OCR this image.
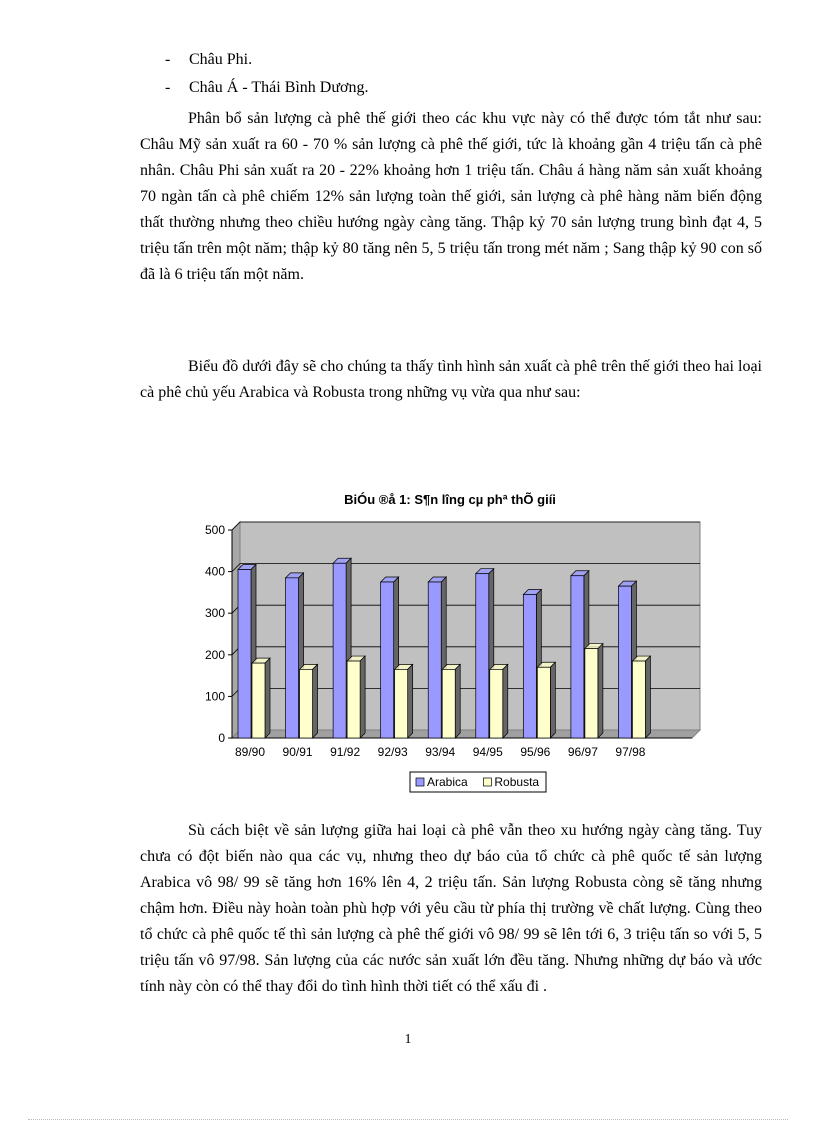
- Châu Phi.
- Châu Á - Thái Bình Dương.
Phân bổ sản lượng cà phê thế giới theo các khu vực này có thể được tóm tắt như sau: Châu Mỹ sản xuất ra 60 - 70 % sản lượng cà phê thế giới, tức là khoảng gần 4 triệu tấn cà phê nhân. Châu Phi sản xuất ra 20 - 22% khoảng hơn 1 triệu tấn. Châu á hàng năm sản xuất khoảng 70 ngàn tấn cà phê chiếm 12% sản lượng toàn thế giới, sản lượng cà phê hàng năm biến động thất thường nhưng theo chiều hướng ngày càng tăng. Thập kỷ 70 sản lượng trung bình đạt 4, 5 triệu tấn trên một năm; thập kỷ 80 tăng nên 5, 5 triệu tấn trong mét năm ; Sang thập kỷ 90 con số đã là 6 triệu tấn một năm.
Biểu đồ dưới đây sẽ cho chúng ta thấy tình hình sản xuất cà phê trên thế giới theo hai loại cà phê chủ yếu Arabica và Robusta trong những vụ vừa qua như sau:
BiÓu ®å 1: S¶n lîng cµ phª thÕ giíi
0
100
200
300
400
500
89/90 90/91 91/92 92/93 93/94 94/95 95/96 96/97 97/98
Arabica Robusta
Sù cách biệt về sản lượng giữa hai loại cà phê vẫn theo xu hướng ngày càng tăng. Tuy chưa có đột biến nào qua các vụ, nhưng theo dự báo của tổ chức cà phê quốc tế sản lượng Arabica vô 98/ 99 sẽ tăng hơn 16% lên 4, 2 triệu tấn. Sản lượng Robusta còng sẽ tăng nhưng chậm hơn. Điều này hoàn toàn phù hợp với yêu cầu từ phía thị trường về chất lượng. Cùng theo tổ chức cà phê quốc tế thì sản lượng cà phê thế giới vô 98/ 99 sẽ lên tới 6, 3 triệu tấn so với 5, 5 triệu tấn vô 97/98. Sản lượng của các nước sản xuất lớn đều tăng. Nhưng những dự báo và ước tính này còn có thể thay đổi do tình hình thời tiết có thể xấu đi .
1
